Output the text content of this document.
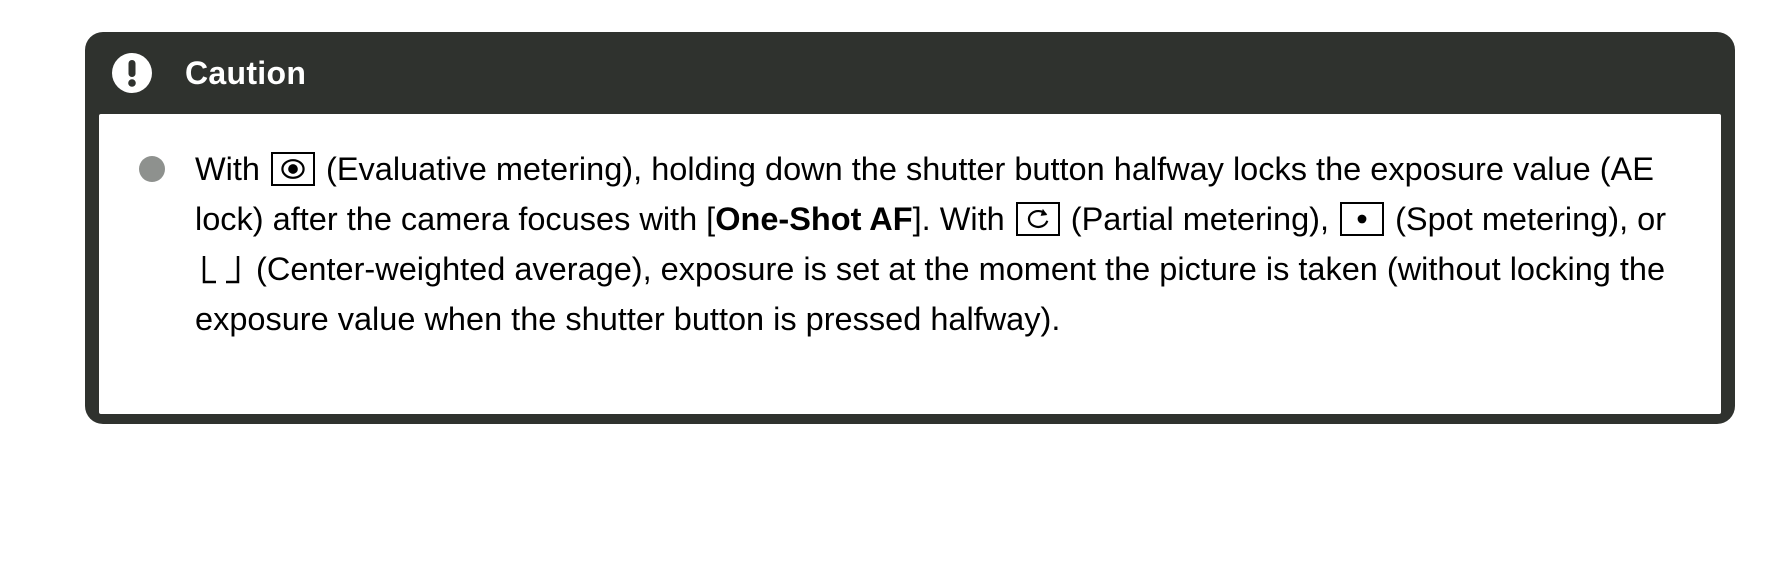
Caution
With
(Evaluative metering), holding down the shutter button halfway locks the exposure value (AE lock) after the camera focuses with [One-Shot AF]. With
(Partial metering),
(Spot metering), or
(Center-weighted average), exposure is set at the moment the picture is taken (without locking the exposure value when the shutter button is pressed halfway).
